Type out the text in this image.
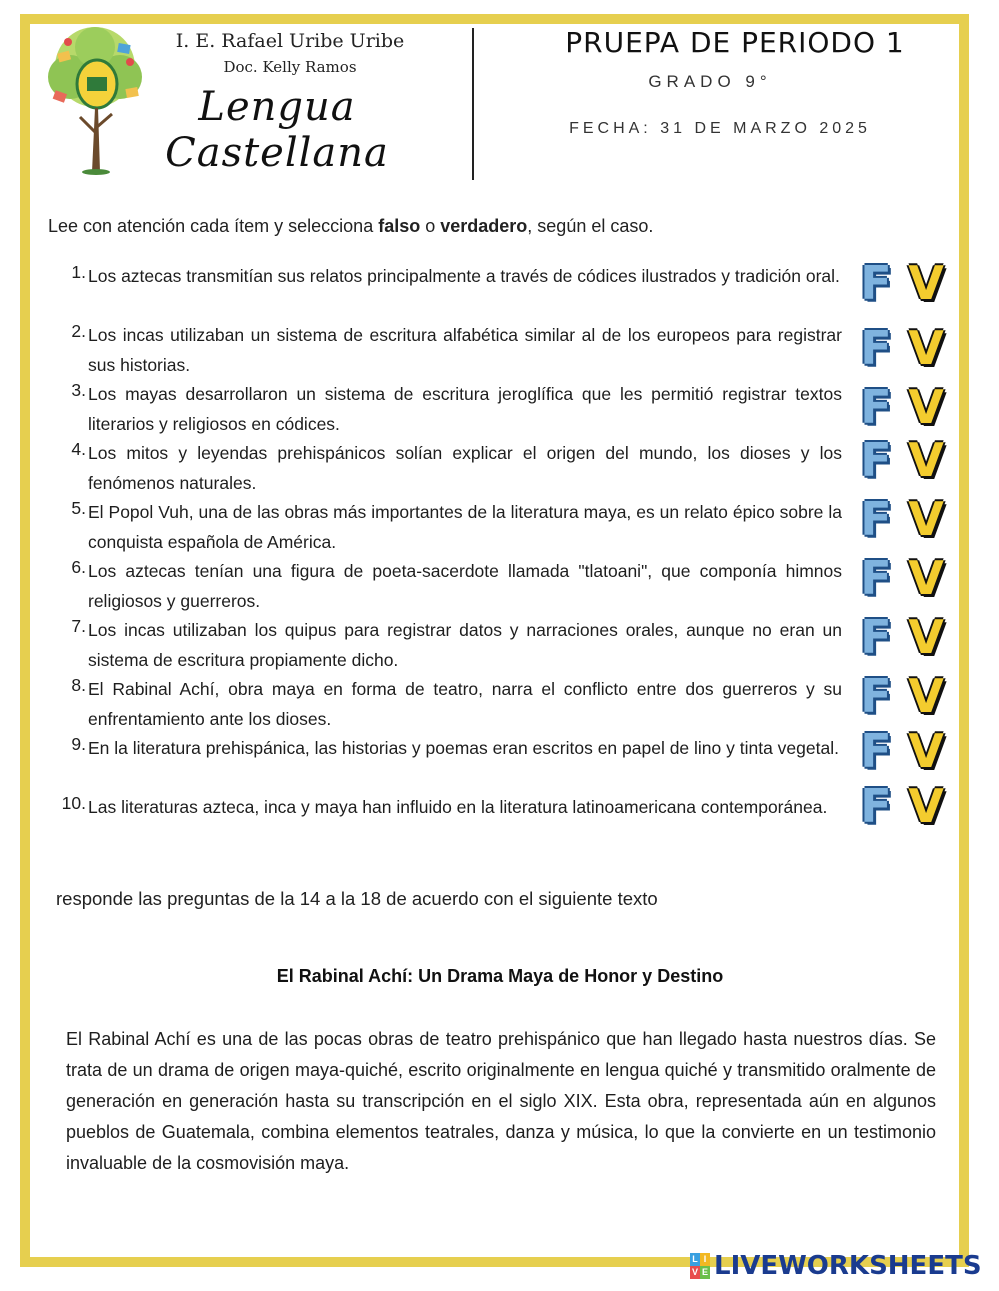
I. E. Rafael Uribe Uribe
Doc. Kelly Ramos
Lengua Castellana
PRUEPA DE PERIODO 1
GRADO 9°
FECHA: 31 DE MARZO 2025
Lee con atención cada ítem y selecciona falso o verdadero, según el caso.
1. Los aztecas transmitían sus relatos principalmente a través de códices ilustrados y tradición oral. F V
2. Los incas utilizaban un sistema de escritura alfabética similar al de los europeos para registrar sus historias.	F V
3. Los mayas desarrollaron un sistema de escritura jeroglífica que les permitió registrar textos literarios y religiosos en códices.	F V
4. Los mitos y leyendas prehispánicos solían explicar el origen del mundo, los dioses y los fenómenos naturales.	F V
5. El Popol Vuh, una de las obras más importantes de la literatura maya, es un relato épico sobre la conquista española de América.	F V
6. Los aztecas tenían una figura de poeta-sacerdote llamada "tlatoani", que componía himnos religiosos y guerreros.	F V
7. Los incas utilizaban los quipus para registrar datos y narraciones orales, aunque no eran un sistema de escritura propiamente dicho.	F V
8. El Rabinal Achí, obra maya en forma de teatro, narra el conflicto entre dos guerreros y su enfrentamiento ante los dioses.	F V
9. En la literatura prehispánica, las historias y poemas eran escritos en papel de lino y tinta vegetal. F V
10. Las literaturas azteca, inca y maya han influido en la literatura latinoamericana contemporánea. F V
responde las preguntas de la 14 a la 18 de acuerdo con el siguiente texto
El Rabinal Achí: Un Drama Maya de Honor y Destino
El Rabinal Achí es una de las pocas obras de teatro prehispánico que han llegado hasta nuestros días. Se trata de un drama de origen maya-quiché, escrito originalmente en lengua quiché y transmitido oralmente de generación en generación hasta su transcripción en el siglo XIX. Esta obra, representada aún en algunos pueblos de Guatemala, combina elementos teatrales, danza y música, lo que la convierte en un testimonio invaluable de la cosmovisión maya.
L I
V E LIVEWORKSHEETS
